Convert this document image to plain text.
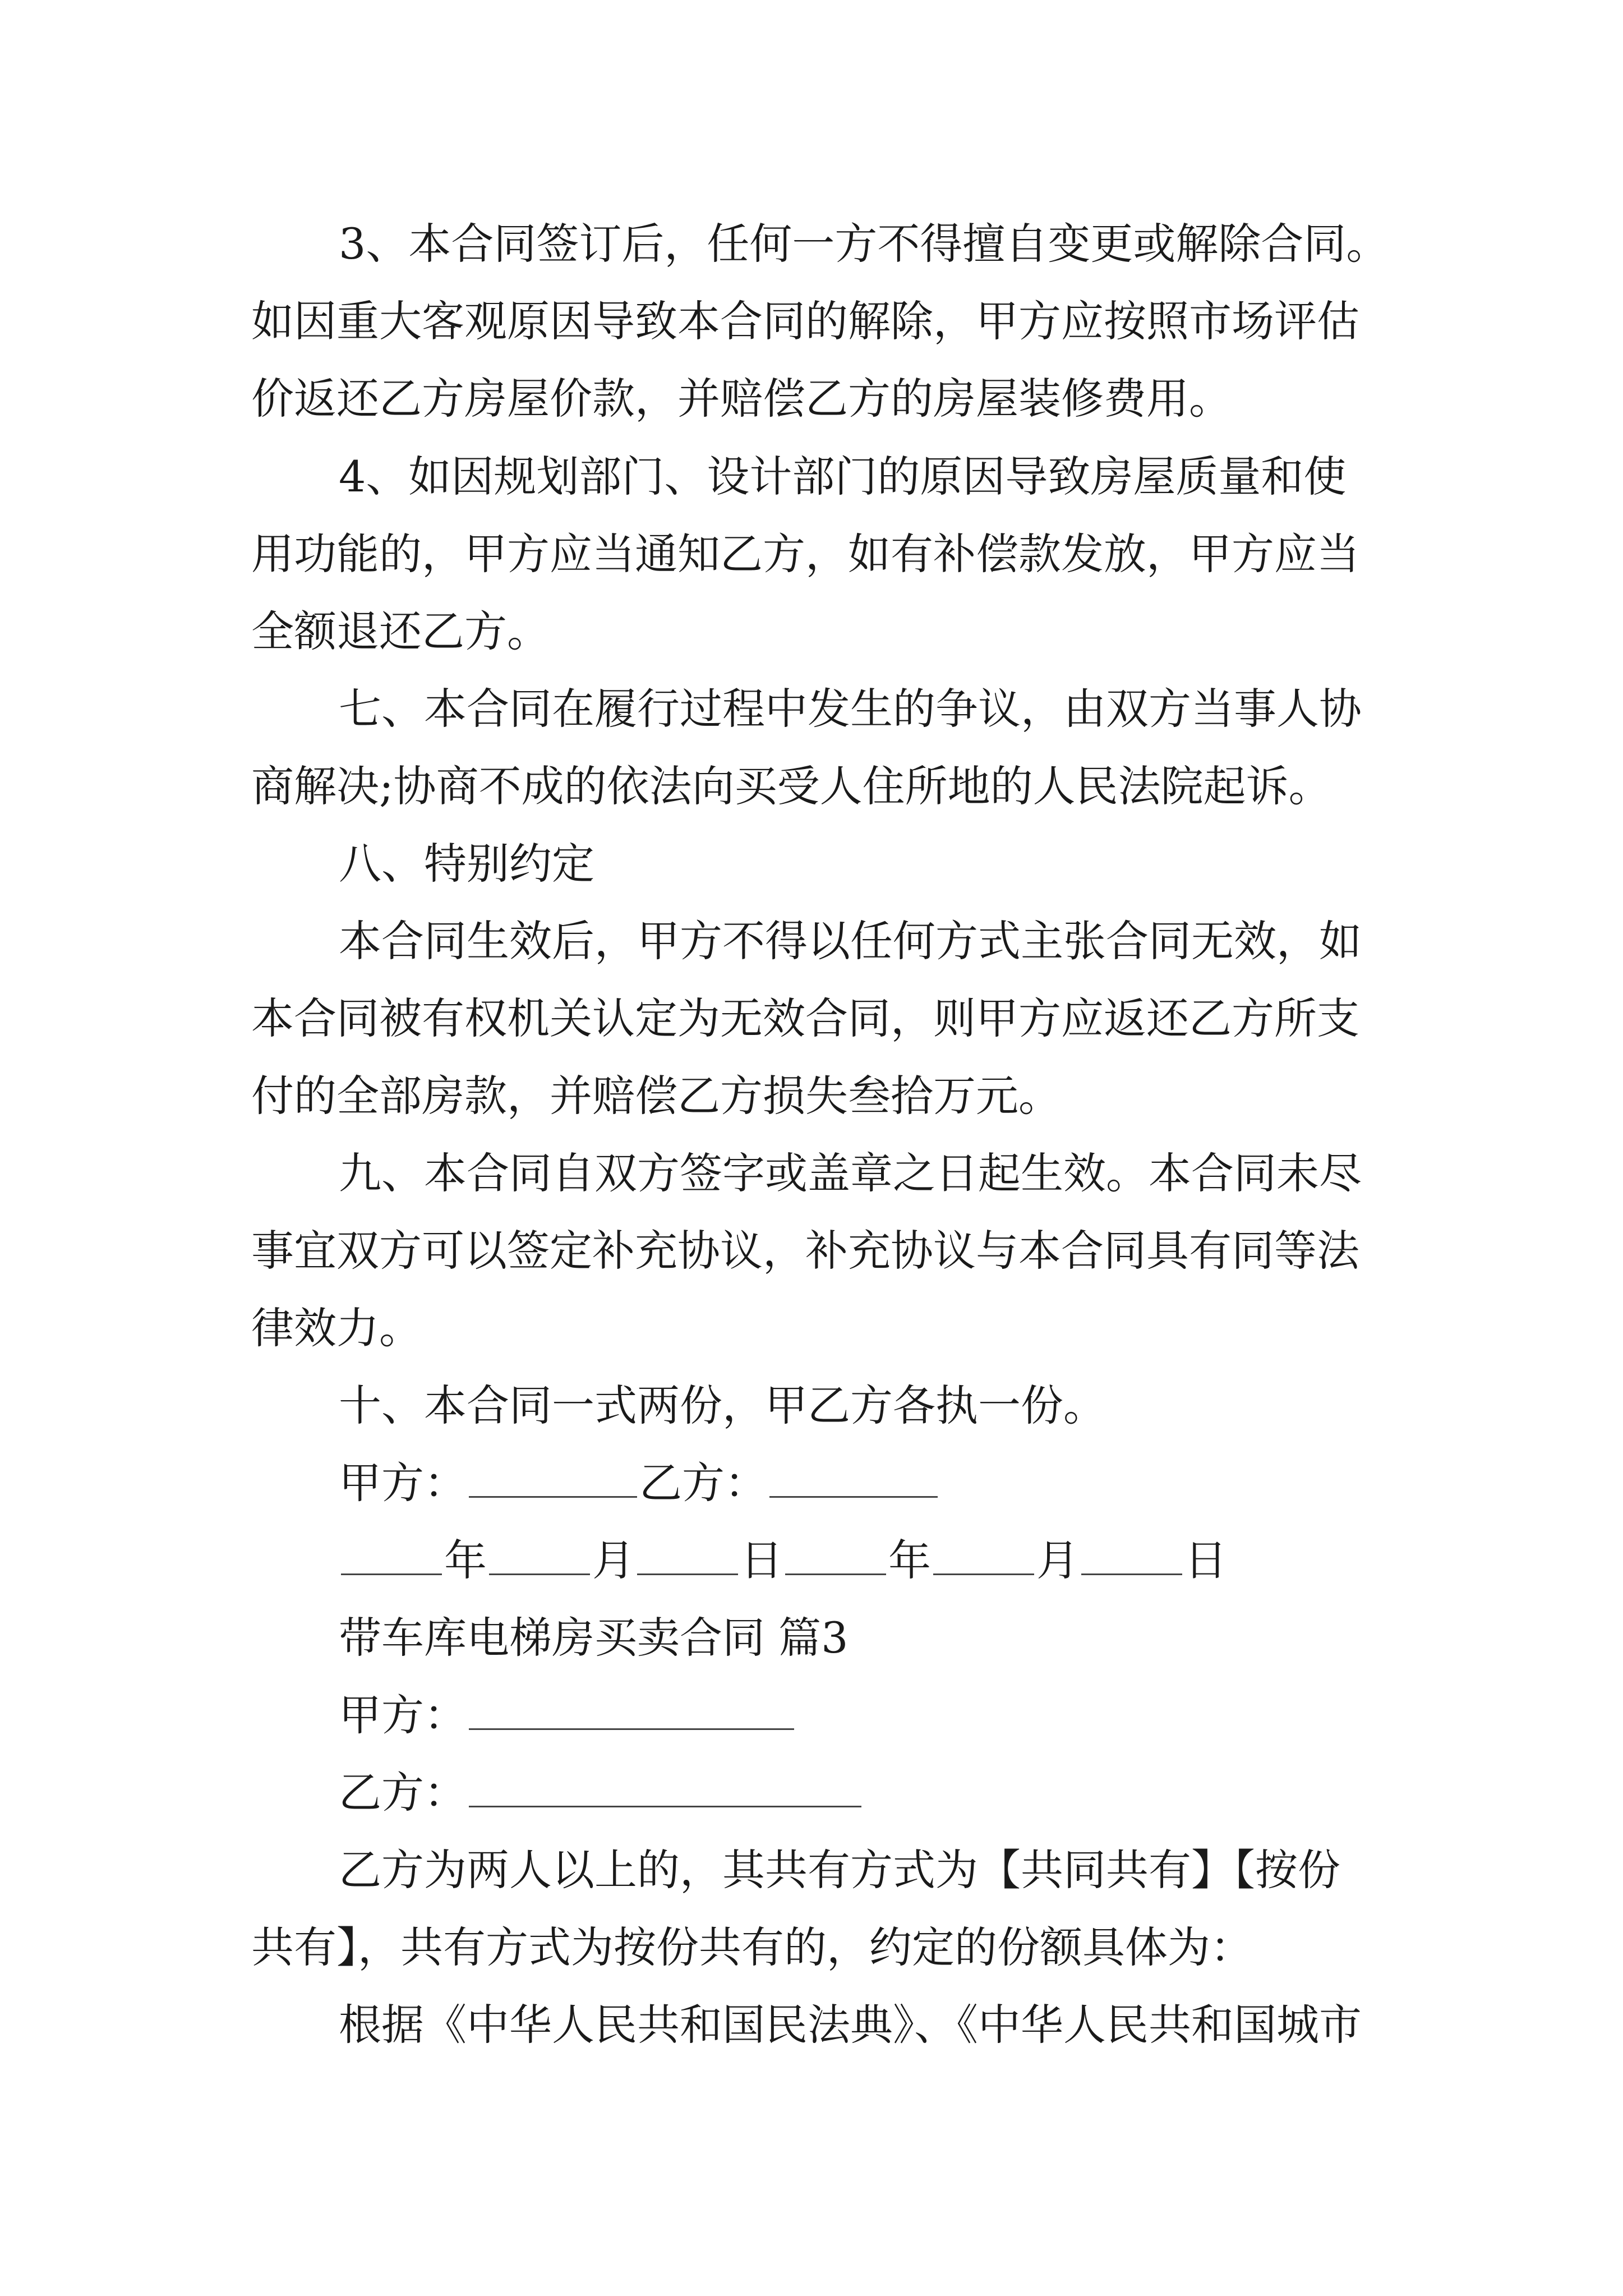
3、本合同签订后，任何一方不得擅自变更或解除合同。
如因重大客观原因导致本合同的解除，甲方应按照市场评估
价返还乙方房屋价款，并赔偿乙方的房屋装修费用。
4、如因规划部门、设计部门的原因导致房屋质量和使
用功能的，甲方应当通知乙方，如有补偿款发放，甲方应当
全额退还乙方。
七、本合同在履行过程中发生的争议，由双方当事人协
商解决;协商不成的依法向买受人住所地的人民法院起诉。
八、特别约定
本合同生效后，甲方不得以任何方式主张合同无效，如
本合同被有权机关认定为无效合同，则甲方应返还乙方所支
付的全部房款，并赔偿乙方损失叁拾万元。
九、本合同自双方签字或盖章之日起生效。本合同未尽
事宜双方可以签定补充协议，补充协议与本合同具有同等法
律效力。
十、本合同一式两份，甲乙方各执一份。
甲方：	乙方：
年 月 日 年 月 日
带车库电梯房买卖合同 篇3
甲方：
乙方：
乙方为两人以上的，其共有方式为【共同共有】【按份
共有】，共有方式为按份共有的，约定的份额具体为：
根据《中华人民共和国民法典》、《中华人民共和国城市
